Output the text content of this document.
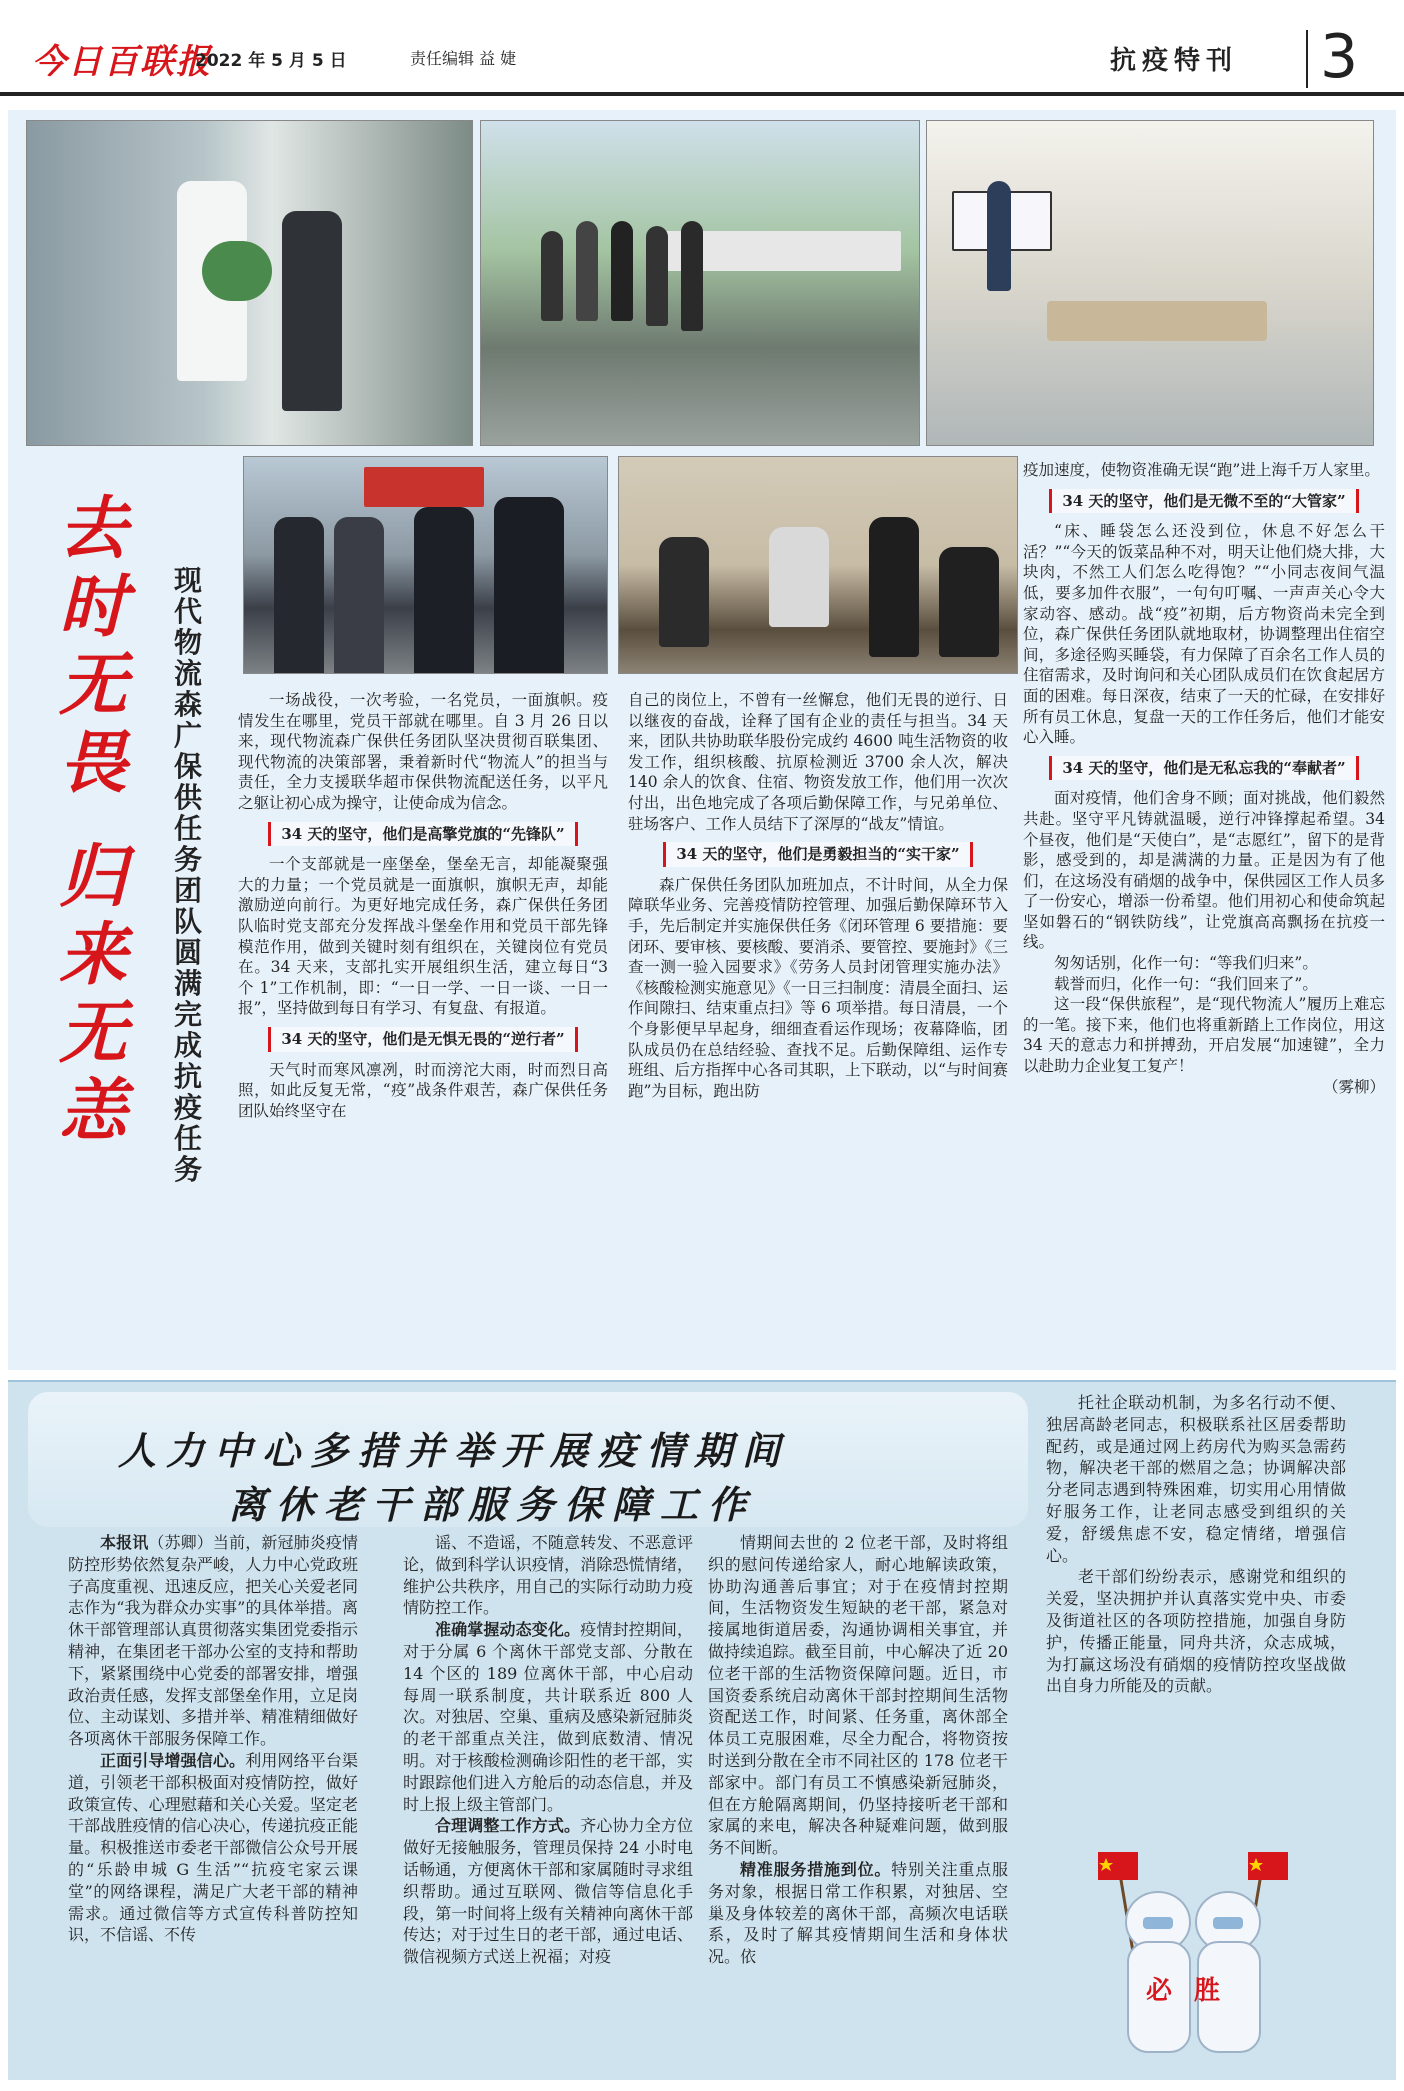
今日百联报
2022 年 5 月 5 日	责任编辑 益 婕	抗疫特刊 3
去
时
无
畏
归
来
无
恙
现
代
物
流
森
广
保
供
任
务
团
队
圆
满
完
成
抗
疫
任
务

一场战役，一次考验，一名党员，一面旗帜。疫情发生在哪里，党员干部就在哪里。自 3 月 26 日以来，现代物流森广保供任务团队坚决贯彻百联集团、现代物流的决策部署，秉着新时代“物流人”的担当与责任，全力支援联华超市保供物流配送任务，以平凡之躯让初心成为操守，让使命成为信念。

34 天的坚守，他们是高擎党旗的“先锋队”

一个支部就是一座堡垒，堡垒无言，却能凝聚强大的力量；一个党员就是一面旗帜，旗帜无声，却能激励逆向前行。为更好地完成任务，森广保供任务团队临时党支部充分发挥战斗堡垒作用和党员干部先锋模范作用，做到关键时刻有组织在，关键岗位有党员在。34 天来，支部扎实开展组织生活，建立每日“3 个 1”工作机制，即：“一日一学、一日一谈、一日一报”，坚持做到每日有学习、有复盘、有报道。

34 天的坚守，他们是无惧无畏的“逆行者”

天气时而寒风凛冽，时而滂沱大雨，时而烈日高照，如此反复无常，“疫”战条件艰苦，森广保供任务团队始终坚守在

自己的岗位上，不曾有一丝懈怠，他们无畏的逆行、日以继夜的奋战，诠释了国有企业的责任与担当。34 天来，团队共协助联华股份完成约 4600 吨生活物资的收发工作，组织核酸、抗原检测近 3700 余人次，解决 140 余人的饮食、住宿、物资发放工作，他们用一次次付出，出色地完成了各项后勤保障工作，与兄弟单位、驻场客户、工作人员结下了深厚的“战友”情谊。

34 天的坚守，他们是勇毅担当的“实干家”

森广保供任务团队加班加点，不计时间，从全力保障联华业务、完善疫情防控管理、加强后勤保障环节入手，先后制定并实施保供任务《闭环管理 6 要措施：要闭环、要审核、要核酸、要消杀、要管控、要施封》《三查一测一验入园要求》《劳务人员封闭管理实施办法》《核酸检测实施意见》《一日三扫制度：清晨全面扫、运作间隙扫、结束重点扫》等 6 项举措。每日清晨，一个个身影便早早起身，细细查看运作现场；夜幕降临，团队成员仍在总结经验、查找不足。后勤保障组、运作专班组、后方指挥中心各司其职，上下联动，以“与时间赛跑”为目标，跑出防

疫加速度，使物资准确无误“跑”进上海千万人家里。

34 天的坚守，他们是无微不至的“大管家”

“床、睡袋怎么还没到位，休息不好怎么干活？”“今天的饭菜品种不对，明天让他们烧大排，大块肉，不然工人们怎么吃得饱？”“小同志夜间气温低，要多加件衣服”，一句句叮嘱、一声声关心令大家动容、感动。战“疫”初期，后方物资尚未完全到位，森广保供任务团队就地取材，协调整理出住宿空间，多途径购买睡袋，有力保障了百余名工作人员的住宿需求，及时询问和关心团队成员们在饮食起居方面的困难。每日深夜，结束了一天的忙碌，在安排好所有员工休息，复盘一天的工作任务后，他们才能安心入睡。

34 天的坚守，他们是无私忘我的“奉献者”

面对疫情，他们舍身不顾；面对挑战，他们毅然共赴。坚守平凡铸就温暖，逆行冲锋撑起希望。34 个昼夜，他们是“天使白”，是“志愿红”，留下的是背影，感受到的，却是满满的力量。正是因为有了他们，在这场没有硝烟的战争中，保供园区工作人员多了一份安心，增添一份希望。他们用初心和使命筑起坚如磐石的“钢铁防线”，让党旗高高飘扬在抗疫一线。

匆匆话别，化作一句：“等我们归来”。

载誉而归，化作一句：“我们回来了”。

这一段“保供旅程”，是“现代物流人”履历上难忘的一笔。接下来，他们也将重新踏上工作岗位，用这 34 天的意志力和拼搏劲，开启发展“加速键”，全力以赴助力企业复工复产！

（雾柳）

人力中心多措并举开展疫情期间
离休老干部服务保障工作

本报讯（苏卿）当前，新冠肺炎疫情防控形势依然复杂严峻，人力中心党政班子高度重视、迅速反应，把关心关爱老同志作为“我为群众办实事”的具体举措。离休干部管理部认真贯彻落实集团党委指示精神，在集团老干部办公室的支持和帮助下，紧紧围绕中心党委的部署安排，增强政治责任感，发挥支部堡垒作用，立足岗位、主动谋划、多措并举、精准精细做好各项离休干部服务保障工作。

正面引导增强信心。利用网络平台渠道，引领老干部积极面对疫情防控，做好政策宣传、心理慰藉和关心关爱。坚定老干部战胜疫情的信心决心，传递抗疫正能量。积极推送市委老干部微信公众号开展的“乐龄申城 G 生活”“抗疫宅家云课堂”的网络课程，满足广大老干部的精神需求。通过微信等方式宣传科普防控知识，不信谣、不传

谣、不造谣，不随意转发、不恶意评论，做到科学认识疫情，消除恐慌情绪，维护公共秩序，用自己的实际行动助力疫情防控工作。

准确掌握动态变化。疫情封控期间，对于分属 6 个离休干部党支部、分散在 14 个区的 189 位离休干部，中心启动每周一联系制度，共计联系近 800 人次。对独居、空巢、重病及感染新冠肺炎的老干部重点关注，做到底数清、情况明。对于核酸检测确诊阳性的老干部，实时跟踪他们进入方舱后的动态信息，并及时上报上级主管部门。

合理调整工作方式。齐心协力全方位做好无接触服务，管理员保持 24 小时电话畅通，方便离休干部和家属随时寻求组织帮助。通过互联网、微信等信息化手段，第一时间将上级有关精神向离休干部传达；对于过生日的老干部，通过电话、微信视频方式送上祝福；对疫

情期间去世的 2 位老干部，及时将组织的慰问传递给家人，耐心地解读政策，协助沟通善后事宜；对于在疫情封控期间，生活物资发生短缺的老干部，紧急对接属地街道居委，沟通协调相关事宜，并做持续追踪。截至目前，中心解决了近 20 位老干部的生活物资保障问题。近日，市国资委系统启动离休干部封控期间生活物资配送工作，时间紧、任务重，离休部全体员工克服困难，尽全力配合，将物资按时送到分散在全市不同社区的 178 位老干部家中。部门有员工不慎感染新冠肺炎，但在方舱隔离期间，仍坚持接听老干部和家属的来电，解决各种疑难问题，做到服务不间断。

精准服务措施到位。特别关注重点服务对象，根据日常工作积累，对独居、空巢及身体较差的离休干部，高频次电话联系，及时了解其疫情期间生活和身体状况。依

托社企联动机制，为多名行动不便、独居高龄老同志，积极联系社区居委帮助配药，或是通过网上药房代为购买急需药物，解决老干部的燃眉之急；协调解决部分老同志遇到特殊困难，切实用心用情做好服务工作，让老同志感受到组织的关爱，舒缓焦虑不安，稳定情绪，增强信心。

老干部们纷纷表示，感谢党和组织的关爱，坚决拥护并认真落实党中央、市委及街道社区的各项防控措施，加强自身防护，传播正能量，同舟共济，众志成城，为打赢这场没有硝烟的疫情防控攻坚战做出自身力所能及的贡献。

必胜
